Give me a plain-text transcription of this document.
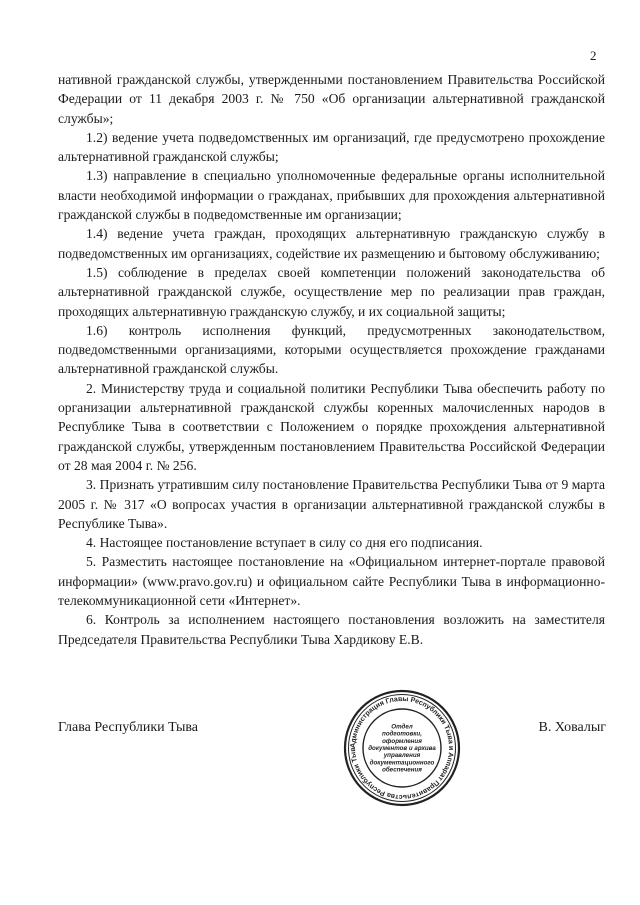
2

нативной гражданской службы, утвержденными постановлением Правительства Российской Федерации от 11 декабря 2003 г. № 750 «Об организации альтернативной гражданской службы»;

1.2) ведение учета подведомственных им организаций, где предусмотрено прохождение альтернативной гражданской службы;

1.3) направление в специально уполномоченные федеральные органы исполнительной власти необходимой информации о гражданах, прибывших для прохождения альтернативной гражданской службы в подведомственные им организации;

1.4) ведение учета граждан, проходящих альтернативную гражданскую службу в подведомственных им организациях, содействие их размещению и бытовому обслуживанию;

1.5) соблюдение в пределах своей компетенции положений законодательства об альтернативной гражданской службе, осуществление мер по реализации прав граждан, проходящих альтернативную гражданскую службу, и их социальной защиты;

1.6) контроль исполнения функций, предусмотренных законодательством, подведомственными организациями, которыми осуществляется прохождение гражданами альтернативной гражданской службы.

2. Министерству труда и социальной политики Республики Тыва обеспечить работу по организации альтернативной гражданской службы коренных малочисленных народов в Республике Тыва в соответствии с Положением о порядке прохождения альтернативной гражданской службы, утвержденным постановлением Правительства Российской Федерации от 28 мая 2004 г. № 256.

3. Признать утратившим силу постановление Правительства Республики Тыва от 9 марта 2005 г. № 317 «О вопросах участия в организации альтернативной гражданской службы в Республике Тыва».

4. Настоящее постановление вступает в силу со дня его подписания.

5. Разместить настоящее постановление на «Официальном интернет-портале правовой информации» (www.pravo.gov.ru) и официальном сайте Республики Тыва в информационно-телекоммуникационной сети «Интернет».

6. Контроль за исполнением настоящего постановления возложить на заместителя Председателя Правительства Республики Тыва Хардикову Е.В.

Глава Республики Тыва
Администрация Главы Республики Тыва и Аппарат Правительства Республики Тыв
Отдел
подготовки,
оформления
документов и архива
управления
документационного
обеспечения
В. Ховалыг
